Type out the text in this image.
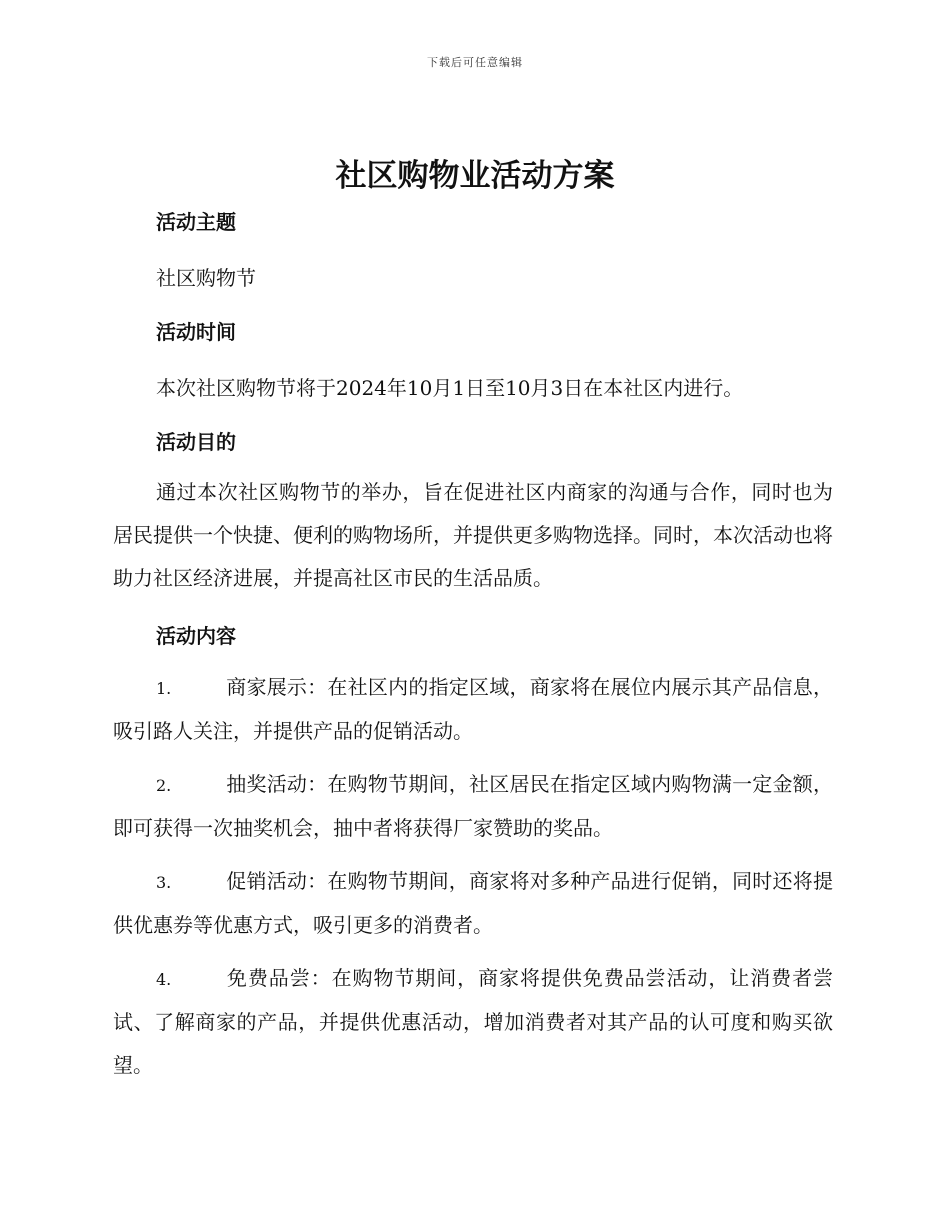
下载后可任意编辑
社区购物业活动方案
活动主题

社区购物节

活动时间

本次社区购物节将于2024年10月1日至10月3日在本社区内进行。

活动目的

通过本次社区购物节的举办，旨在促进社区内商家的沟通与合作，同时也为居民提供一个快捷、便利的购物场所，并提供更多购物选择。同时，本次活动也将助力社区经济进展，并提高社区市民的生活品质。

活动内容

1.	商家展示：在社区内的指定区域，商家将在展位内展示其产品信息，吸引路人关注，并提供产品的促销活动。

2.	抽奖活动：在购物节期间，社区居民在指定区域内购物满一定金额，即可获得一次抽奖机会，抽中者将获得厂家赞助的奖品。

3.	促销活动：在购物节期间，商家将对多种产品进行促销，同时还将提供优惠券等优惠方式，吸引更多的消费者。

4.	免费品尝：在购物节期间，商家将提供免费品尝活动，让消费者尝试、了解商家的产品，并提供优惠活动，增加消费者对其产品的认可度和购买欲望。
